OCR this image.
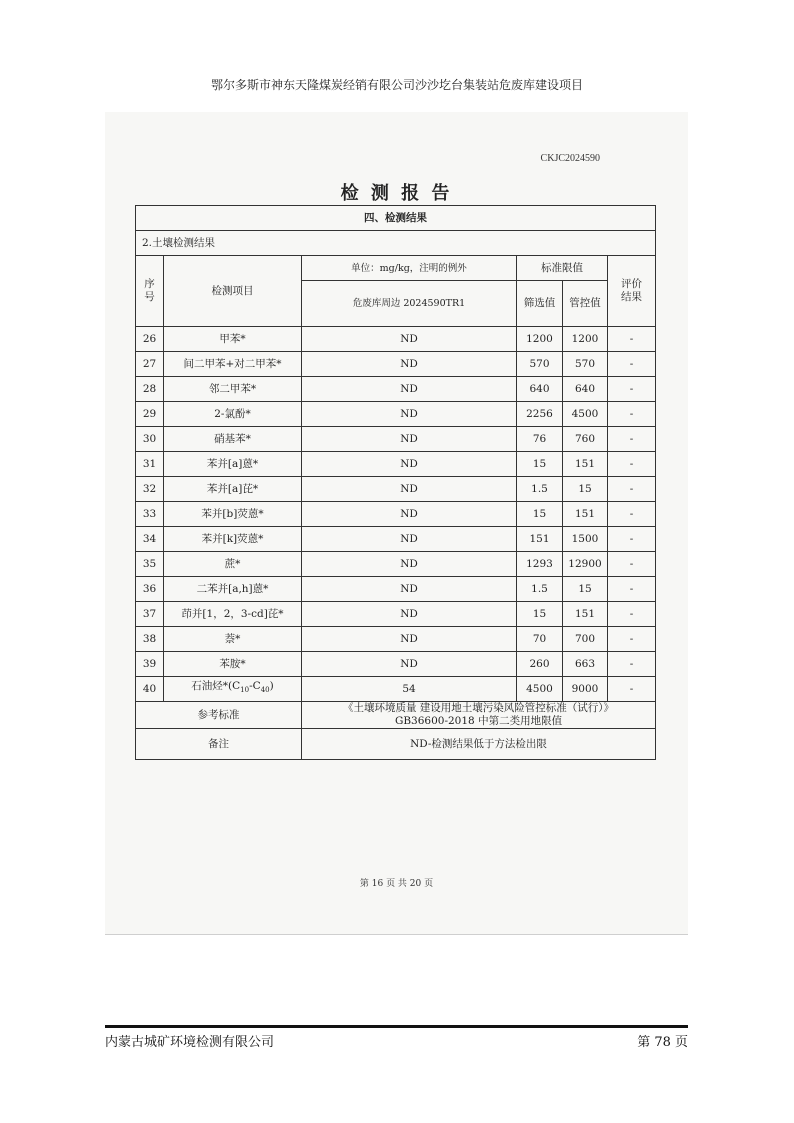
鄂尔多斯市神东天隆煤炭经销有限公司沙沙圪台集装站危废库建设项目
CKJC2024590
检 测 报 告
四、检测结果					
2.土壤检测结果					
序号	检测项目	单位：mg/kg，注明的例外	标准限值		评价结果
		危废库周边 2024590TR1	筛选值	管控值	
26	甲苯*	ND	1200	1200	-
27	间二甲苯+对二甲苯*	ND	570	570	-
28	邻二甲苯*	ND	640	640	-
29	2-氯酚*	ND	2256	4500	-
30	硝基苯*	ND	76	760	-
31	苯并[a]蒽*	ND	15	151	-
32	苯并[a]芘*	ND	1.5	15	-
33	苯并[b]荧蒽*	ND	15	151	-
34	苯并[k]荧蒽*	ND	151	1500	-
35	蔗*	ND	1293	12900	-
36	二苯并[a,h]蒽*	ND	1.5	15	-
37	茚并[1，2，3-cd]芘*	ND	15	151	-
38	萘*	ND	70	700	-
39	苯胺*	ND	260	663	-
40	石油烃$*(C_{10}-C_{40})$	54	4500	9000	-
参考标准		《土壤环境质量 建设用地土壤污染风险管控标准（试行）》
GB36600-2018 中第二类用地限值			

备注		ND-检测结果低于方法检出限			
第 16 页 共 20 页
内蒙古城矿环境检测有限公司	第 78 页
